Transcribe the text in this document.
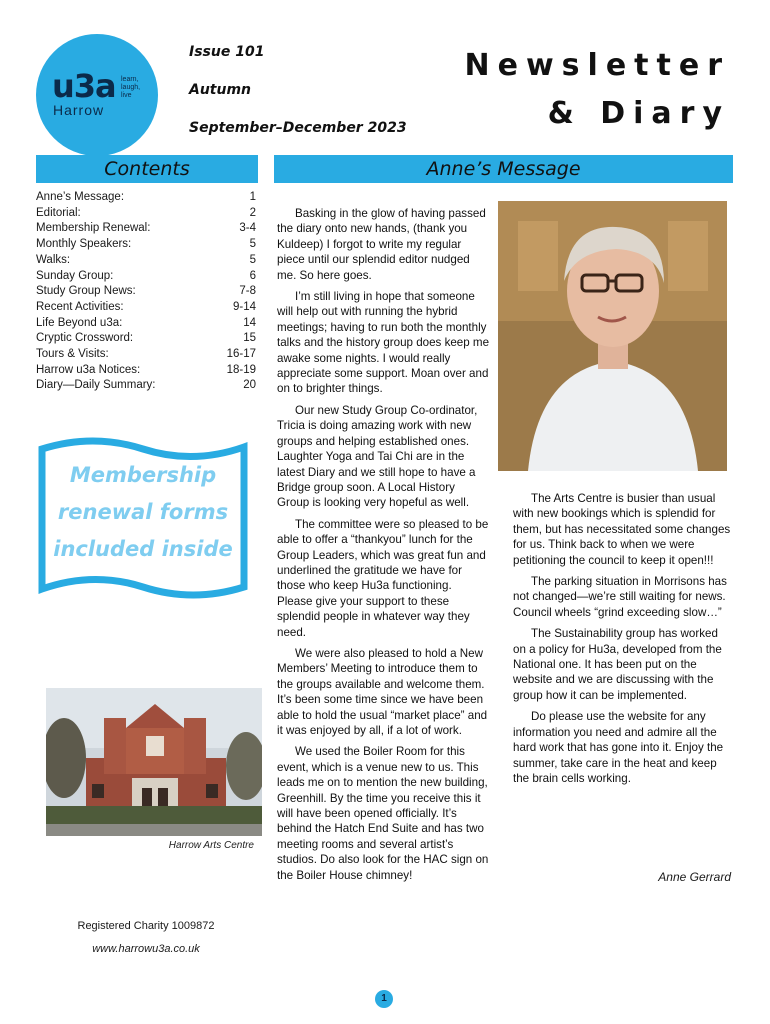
u3a learn,
laugh,
live
Harrow
Issue 101
Autumn
September–December 2023
Newsletter
& Diary
Contents
Anne’s Message:	1
Editorial:	2
Membership Renewal:	3-4
Monthly Speakers:	5
Walks:	5
Sunday Group:	6
Study Group News:	7-8
Recent Activities:	9-14
Life Beyond u3a:	14
Cryptic Crossword:	15
Tours & Visits:	16-17
Harrow u3a Notices:	18-19
Diary—Daily Summary:	20
Membership
renewal forms
included inside
Harrow Arts Centre
Registered Charity 1009872
www.harrowu3a.co.uk
Anne’s Message

Basking in the glow of having passed the diary onto new hands, (thank you Kuldeep) I forgot to write my regular piece until our splendid editor nudged me. So here goes.

I’m still living in hope that someone will help out with running the hybrid meetings; having to run both the monthly talks and the history group does keep me awake some nights. I would really appreciate some support. Moan over and on to brighter things.

Our new Study Group Co-ordinator, Tricia is doing amazing work with new groups and helping established ones. Laughter Yoga and Tai Chi are in the latest Diary and we still hope to have a Bridge group soon. A Local History Group is looking very hopeful as well.

The committee were so pleased to be able to offer a “thankyou” lunch for the Group Leaders, which was great fun and underlined the gratitude we have for those who keep Hu3a functioning. Please give your support to these splendid people in whatever way they need.

We were also pleased to hold a New Members’ Meeting to introduce them to the groups available and welcome them. It’s been some time since we have been able to hold the usual “market place” and it was enjoyed by all, if a lot of work.

We used the Boiler Room for this event, which is a venue new to us. This leads me on to mention the new building, Greenhill. By the time you receive this it will have been opened officially. It’s behind the Hatch End Suite and has two meeting rooms and several artist’s studios. Do also look for the HAC sign on the Boiler House chimney!

The Arts Centre is busier than usual with new bookings which is splendid for them, but has necessitated some changes for us. Think back to when we were petitioning the council to keep it open!!!

The parking situation in Morrisons has not changed—we’re still waiting for news. Council wheels “grind exceeding slow…”

The Sustainability group has worked on a policy for Hu3a, developed from the National one. It has been put on the website and we are discussing with the group how it can be implemented.

Do please use the website for any information you need and admire all the hard work that has gone into it. Enjoy the summer, take care in the heat and keep the brain cells working.

Anne Gerrard
1
